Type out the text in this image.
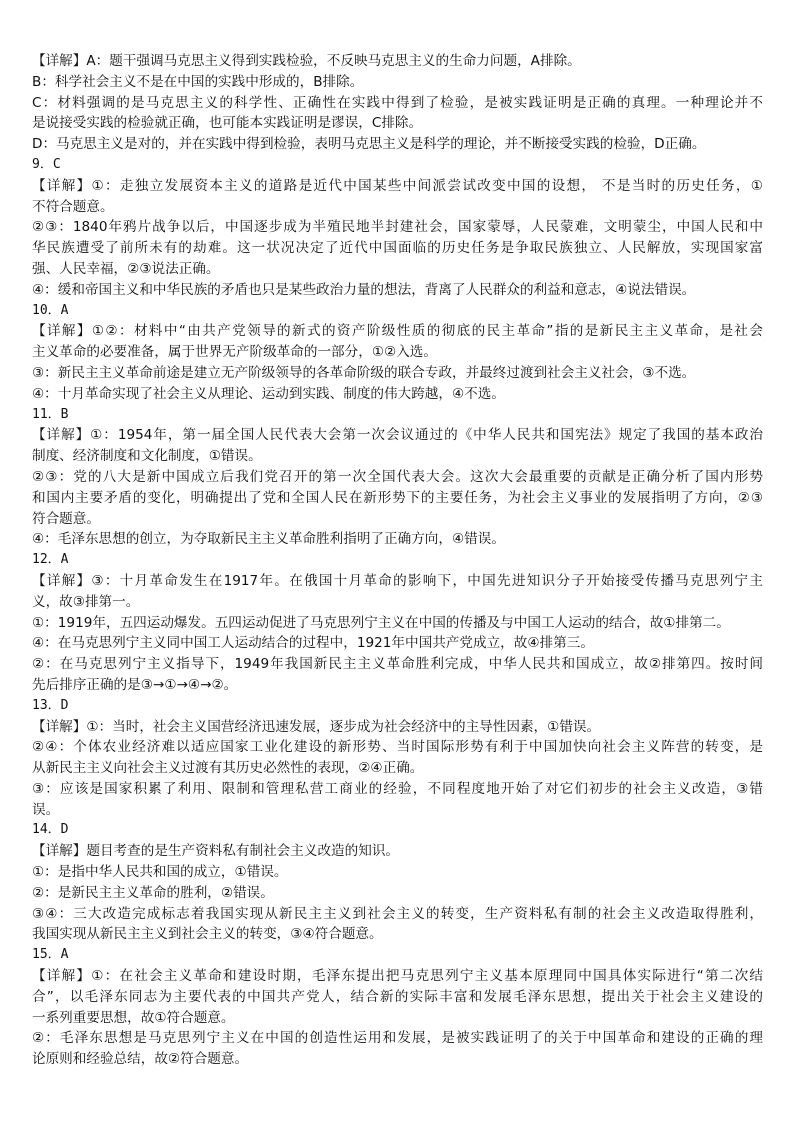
【详解】A：题干强调马克思主义得到实践检验，不反映马克思主义的生命力问题，A排除。
B：科学社会主义不是在中国的实践中形成的，B排除。
C：材料强调的是马克思主义的科学性、正确性在实践中得到了检验，是被实践证明是正确的真理。一种理论并不
是说接受实践的检验就正确，也可能本实践证明是谬误，C排除。
D：马克思主义是对的，并在实践中得到检验，表明马克思主义是科学的理论，并不断接受实践的检验，D正确。
9．C
【详解】①：走独立发展资本主义的道路是近代中国某些中间派尝试改变中国的设想， 不是当时的历史任务，①
不符合题意。
②③：1840年鸦片战争以后，中国逐步成为半殖民地半封建社会，国家蒙辱，人民蒙难，文明蒙尘，中国人民和中
华民族遭受了前所未有的劫难。这一状况决定了近代中国面临的历史任务是争取民族独立、人民解放，实现国家富
强、人民幸福，②③说法正确。
④：缓和帝国主义和中华民族的矛盾也只是某些政治力量的想法，背离了人民群众的利益和意志，④说法错误。
10．A
【详解】①②：材料中“由共产党领导的新式的资产阶级性质的彻底的民主革命”指的是新民主主义革命，是社会
主义革命的必要准备，属于世界无产阶级革命的一部分，①②入选。
③：新民主主义革命前途是建立无产阶级领导的各革命阶级的联合专政，并最终过渡到社会主义社会，③不选。
④：十月革命实现了社会主义从理论、运动到实践、制度的伟大跨越，④不选。
11．B
【详解】①：1954年，第一届全国人民代表大会第一次会议通过的《中华人民共和国宪法》规定了我国的基本政治
制度、经济制度和文化制度，①错误。
②③：党的八大是新中国成立后我们党召开的第一次全国代表大会。这次大会最重要的贡献是正确分析了国内形势
和国内主要矛盾的变化，明确提出了党和全国人民在新形势下的主要任务，为社会主义事业的发展指明了方向，②③
符合题意。
④：毛泽东思想的创立，为夺取新民主主义革命胜利指明了正确方向，④错误。
12．A
【详解】③：十月革命发生在1917年。在俄国十月革命的影响下，中国先进知识分子开始接受传播马克思列宁主
义，故③排第一。
①：1919年，五四运动爆发。五四运动促进了马克思列宁主义在中国的传播及与中国工人运动的结合，故①排第二。
④：在马克思列宁主义同中国工人运动结合的过程中，1921年中国共产党成立，故④排第三。
②：在马克思列宁主义指导下，1949年我国新民主主义革命胜利完成，中华人民共和国成立，故②排第四。按时间
先后排序正确的是③→①→④→②。
13．D
【详解】①：当时，社会主义国营经济迅速发展，逐步成为社会经济中的主导性因素，①错误。
②④：个体农业经济难以适应国家工业化建设的新形势、当时国际形势有利于中国加快向社会主义阵营的转变，是
从新民主主义向社会主义过渡有其历史必然性的表现，②④正确。
③：应该是国家积累了利用、限制和管理私营工商业的经验，不同程度地开始了对它们初步的社会主义改造，③错
误。
14．D
【详解】题目考查的是生产资料私有制社会主义改造的知识。
①：是指中华人民共和国的成立，①错误。
②：是新民主主义革命的胜利，②错误。
③④：三大改造完成标志着我国实现从新民主主义到社会主义的转变，生产资料私有制的社会主义改造取得胜利，
我国实现从新民主主义到社会主义的转变，③④符合题意。
15．A
【详解】①：在社会主义革命和建设时期，毛泽东提出把马克思列宁主义基本原理同中国具体实际进行“第二次结
合”，以毛泽东同志为主要代表的中国共产党人，结合新的实际丰富和发展毛泽东思想，提出关于社会主义建设的
一系列重要思想，故①符合题意。
②：毛泽东思想是马克思列宁主义在中国的创造性运用和发展，是被实践证明了的关于中国革命和建设的正确的理
论原则和经验总结，故②符合题意。
